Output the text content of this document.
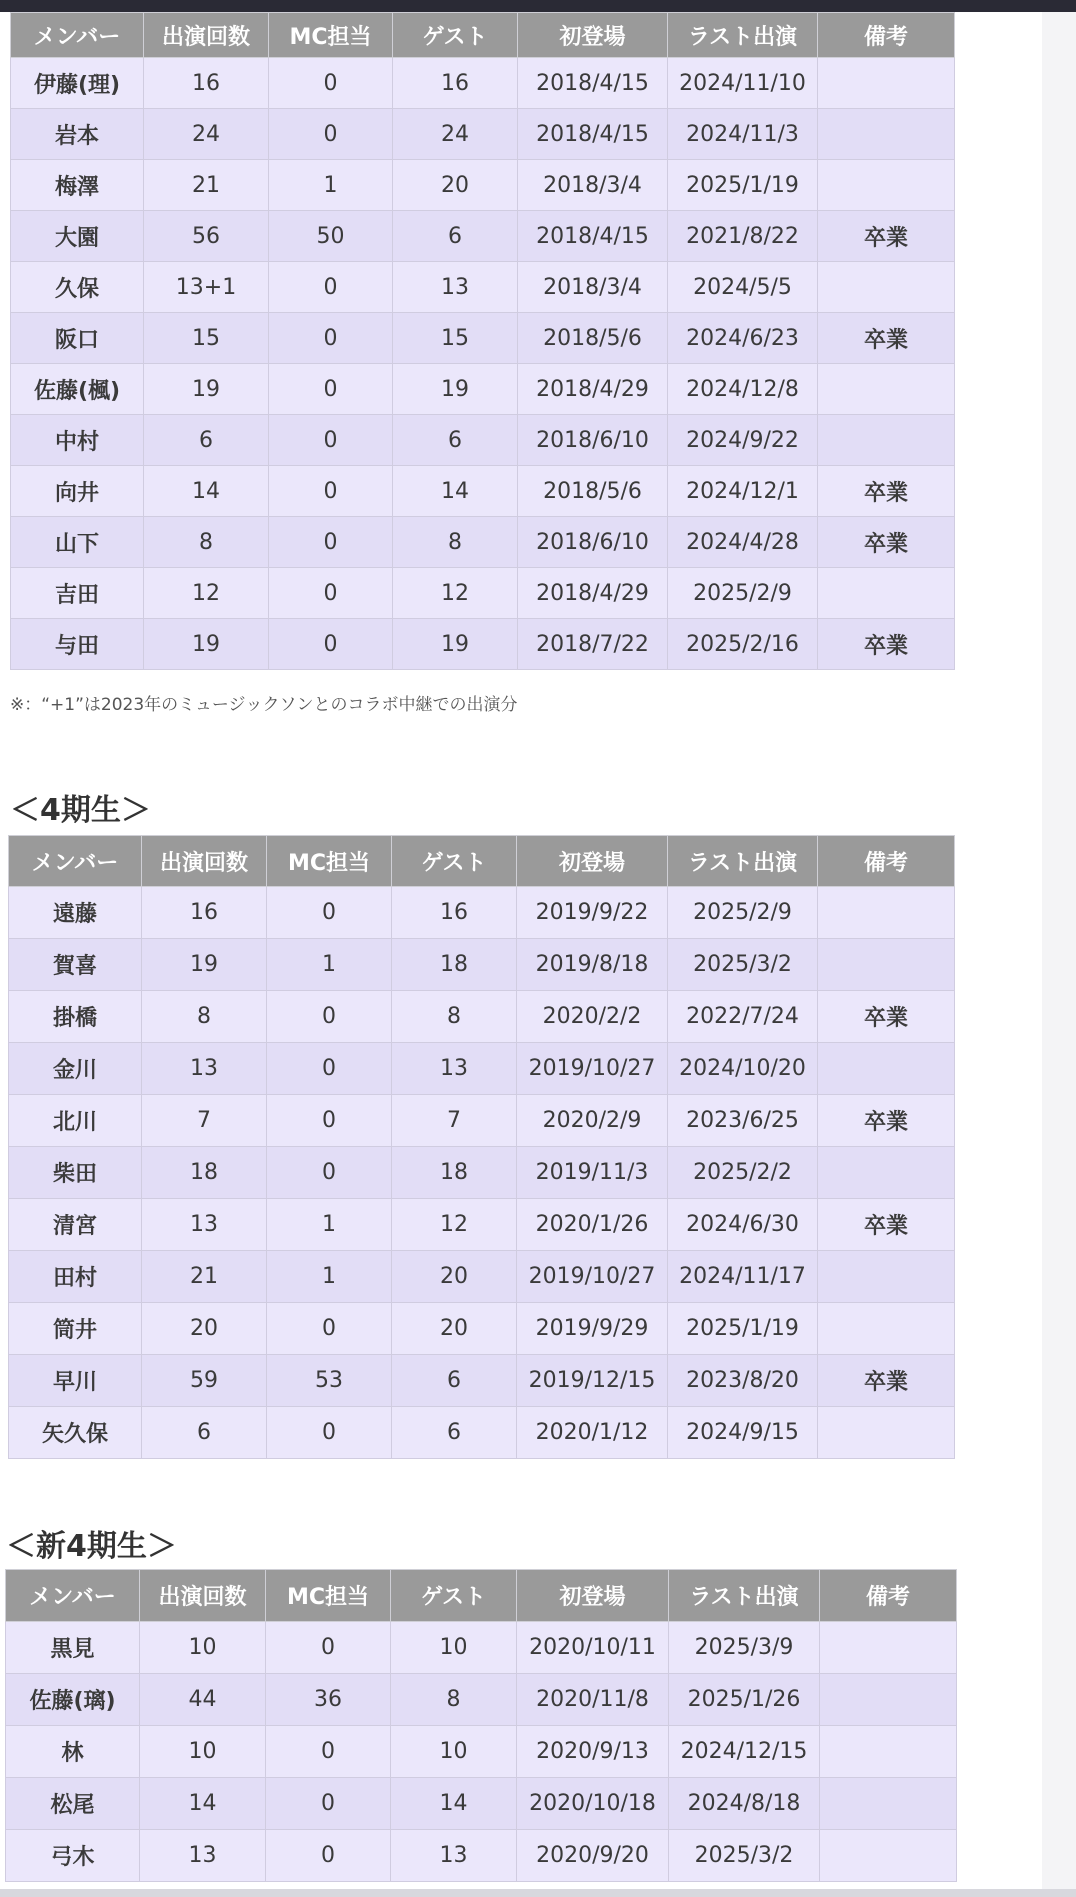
メンバー	出演回数	MC担当	ゲスト	初登場	ラスト出演	備考
伊藤(理)	16	0	16	2018/4/15	2024/11/10	
岩本	24	0	24	2018/4/15	2024/11/3	
梅澤	21	1	20	2018/3/4	2025/1/19	
大園	56	50	6	2018/4/15	2021/8/22	卒業
久保	13+1	0	13	2018/3/4	2024/5/5	
阪口	15	0	15	2018/5/6	2024/6/23	卒業
佐藤(楓)	19	0	19	2018/4/29	2024/12/8	
中村	6	0	6	2018/6/10	2024/9/22	
向井	14	0	14	2018/5/6	2024/12/1	卒業
山下	8	0	8	2018/6/10	2024/4/28	卒業
吉田	12	0	12	2018/4/29	2025/2/9	
与田	19	0	19	2018/7/22	2025/2/16	卒業
※：“+1”は2023年のミュージックソンとのコラボ中継での出演分
＜4期生＞
メンバー	出演回数	MC担当	ゲスト	初登場	ラスト出演	備考
遠藤	16	0	16	2019/9/22	2025/2/9	
賀喜	19	1	18	2019/8/18	2025/3/2	
掛橋	8	0	8	2020/2/2	2022/7/24	卒業
金川	13	0	13	2019/10/27	2024/10/20	
北川	7	0	7	2020/2/9	2023/6/25	卒業
柴田	18	0	18	2019/11/3	2025/2/2	
清宮	13	1	12	2020/1/26	2024/6/30	卒業
田村	21	1	20	2019/10/27	2024/11/17	
筒井	20	0	20	2019/9/29	2025/1/19	
早川	59	53	6	2019/12/15	2023/8/20	卒業
矢久保	6	0	6	2020/1/12	2024/9/15	
＜新4期生＞
メンバー	出演回数	MC担当	ゲスト	初登場	ラスト出演	備考
黒見	10	0	10	2020/10/11	2025/3/9	
佐藤(璃)	44	36	8	2020/11/8	2025/1/26	
林	10	0	10	2020/9/13	2024/12/15	
松尾	14	0	14	2020/10/18	2024/8/18	
弓木	13	0	13	2020/9/20	2025/3/2	
